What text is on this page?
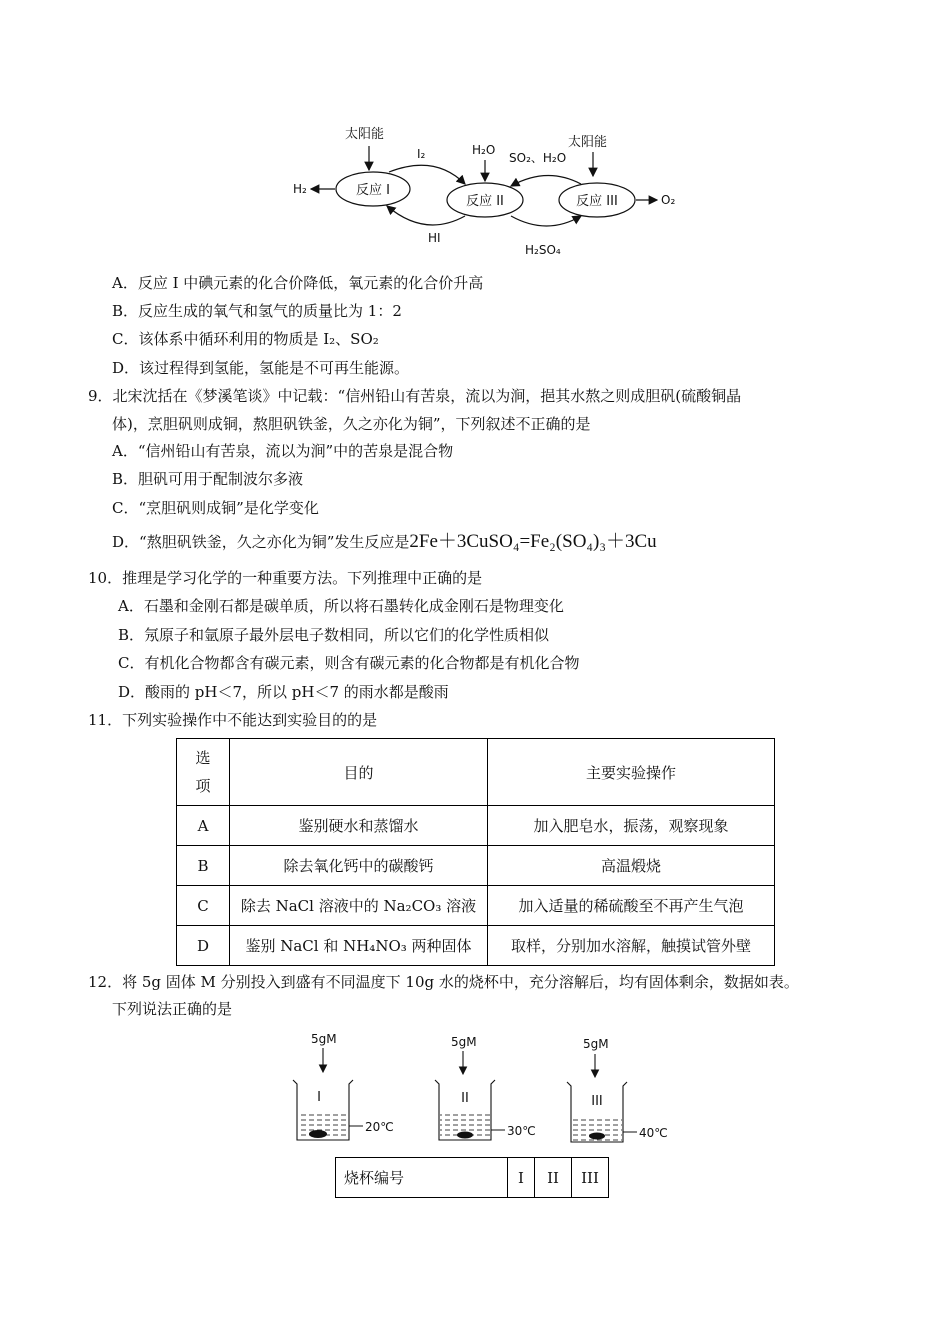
太阳能
太阳能
反应 I
反应 II	反应 III
H₂
O₂
I₂
HI
H₂O
SO₂、H₂O
H₂SO₄
A．反应 I 中碘元素的化合价降低，氧元素的化合价升高
B．反应生成的氧气和氢气的质量比为 1：2
C．该体系中循环利用的物质是 I₂、SO₂
D．该过程得到氢能，氢能是不可再生能源。
9．北宋沈括在《梦溪笔谈》中记载：“信州铅山有苦泉，流以为涧，挹其水熬之则成胆矾(硫酸铜晶
体)，烹胆矾则成铜，熬胆矾铁釜，久之亦化为铜”，下列叙述不正确的是
A．“信州铅山有苦泉，流以为涧”中的苦泉是混合物
B．胆矾可用于配制波尔多液
C．“烹胆矾则成铜”是化学变化
D．“熬胆矾铁釜，久之亦化为铜”发生反应是2Fe＋3CuSO₄=Fe₂(SO₄)₃＋3Cu
10．推理是学习化学的一种重要方法。下列推理中正确的是
A．石墨和金刚石都是碳单质，所以将石墨转化成金刚石是物理变化
B．氖原子和氩原子最外层电子数相同，所以它们的化学性质相似
C．有机化合物都含有碳元素，则含有碳元素的化合物都是有机化合物
D．酸雨的 pH＜7，所以 pH＜7 的雨水都是酸雨
11．下列实验操作中不能达到实验目的的是
选项	目的	主要实验操作
A	鉴别硬水和蒸馏水	加入肥皂水，振荡，观察现象
B	除去氧化钙中的碳酸钙	高温煅烧
C	除去 NaCl 溶液中的 Na₂CO₃ 溶液	加入适量的稀硫酸至不再产生气泡
D	鉴别 NaCl 和 NH₄NO₃ 两种固体	取样，分别加水溶解，触摸试管外壁
12．将 5g 固体 M 分别投入到盛有不同温度下 10g 水的烧杯中，充分溶解后，均有固体剩余，数据如表。
下列说法正确的是
5gM
I
20℃
5gM
II
30℃
5gM
III
40℃
烧杯编号	I	II	III
